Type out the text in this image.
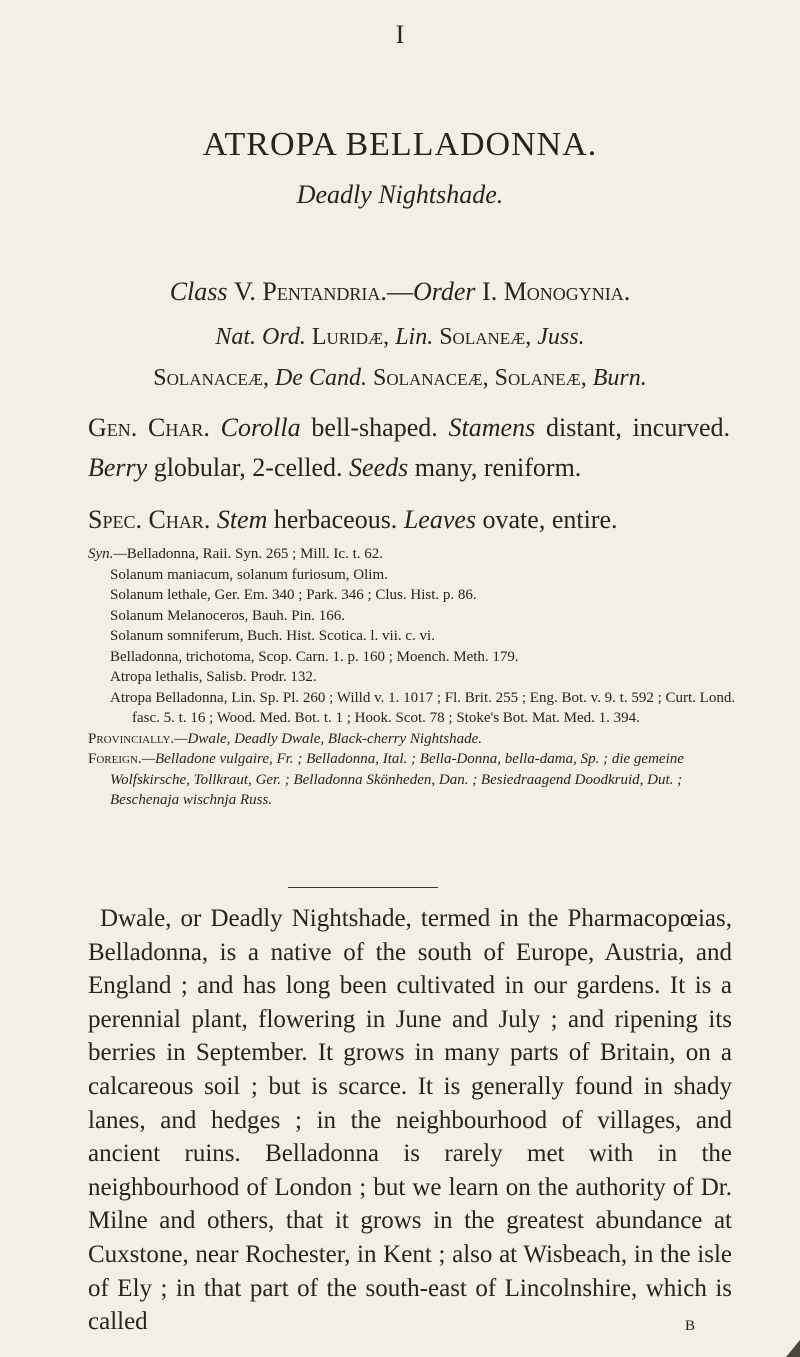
I
ATROPA BELLADONNA.
Deadly Nightshade.
Class V. Pentandria.—Order I. Monogynia.
Nat. Ord. Luridæ, Lin. Solaneæ, Juss.
Solanaceæ, De Cand. Solanaceæ, Solaneæ, Burn.
Gen. Char. Corolla bell-shaped. Stamens distant, incurved. Berry globular, 2-celled. Seeds many, reniform.
Spec. Char. Stem herbaceous. Leaves ovate, entire.

Syn.—Belladonna, Raii. Syn. 265 ; Mill. Ic. t. 62.

Solanum maniacum, solanum furiosum, Olim.

Solanum lethale, Ger. Em. 340 ; Park. 346 ; Clus. Hist. p. 86.

Solanum Melanoceros, Bauh. Pin. 166.

Solanum somniferum, Buch. Hist. Scotica. l. vii. c. vi.

Belladonna, trichotoma, Scop. Carn. 1. p. 160 ; Moench. Meth. 179.

Atropa lethalis, Salisb. Prodr. 132.

Atropa Belladonna, Lin. Sp. Pl. 260 ; Willd v. 1. 1017 ; Fl. Brit. 255 ; Eng. Bot. v. 9. t. 592 ; Curt. Lond. fasc. 5. t. 16 ; Wood. Med. Bot. t. 1 ; Hook. Scot. 78 ; Stoke's Bot. Mat. Med. 1. 394.

Provincially.—Dwale, Deadly Dwale, Black-cherry Nightshade.

Foreign.—Belladone vulgaire, Fr. ; Belladonna, Ital. ; Bella-Donna, bella-dama, Sp. ; die gemeine Wolfskirsche, Tollkraut, Ger. ; Belladonna Skönheden, Dan. ; Besiedraagend Doodkruid, Dut. ; Beschenaja wischnja Russ.

Dwale, or Deadly Nightshade, termed in the Pharmacopœias, Belladonna, is a native of the south of Europe, Austria, and England ; and has long been cultivated in our gardens. It is a perennial plant, flowering in June and July ; and ripening its berries in September. It grows in many parts of Britain, on a calcareous soil ; but is scarce. It is generally found in shady lanes, and hedges ; in the neighbourhood of villages, and ancient ruins. Belladonna is rarely met with in the neighbourhood of London ; but we learn on the authority of Dr. Milne and others, that it grows in the greatest abundance at Cuxstone, near Rochester, in Kent ; also at Wisbeach, in the isle of Ely ; in that part of the south-east of Lincolnshire, which is called	B
